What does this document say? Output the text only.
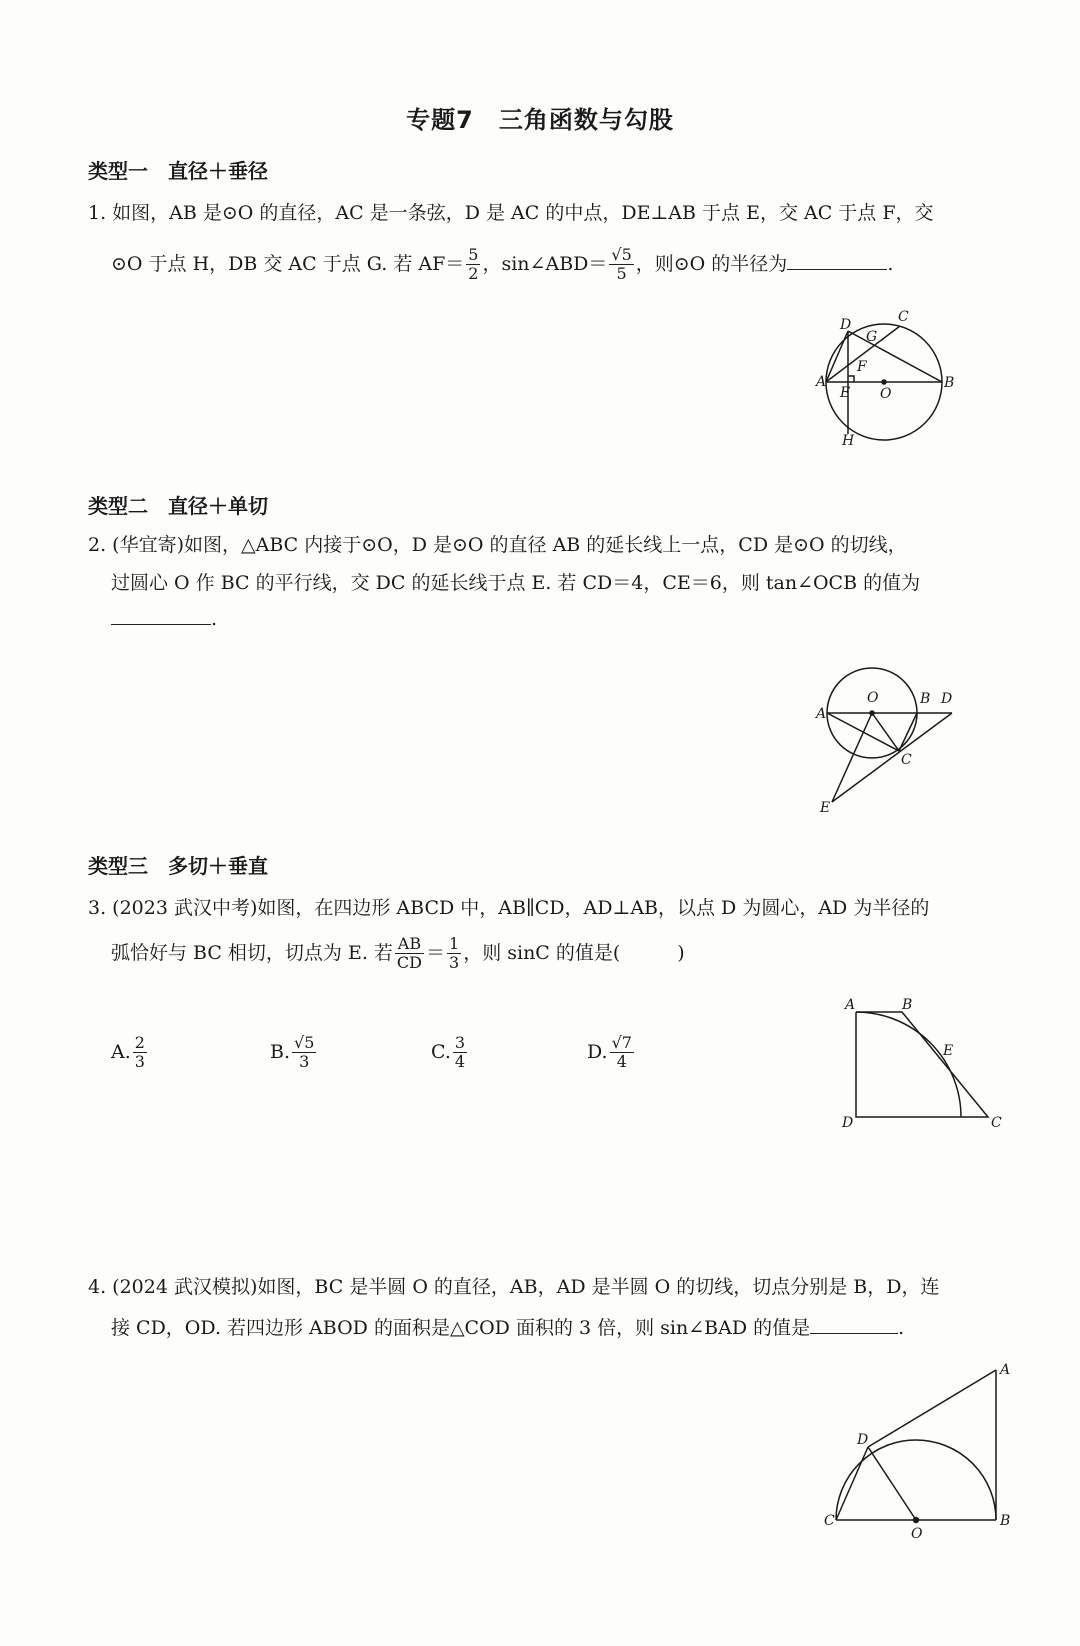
专题7　三角函数与勾股
类型一　直径＋垂径
1. 如图，AB 是⊙O 的直径，AC 是一条弦，D 是 AC 的中点，DE⊥AB 于点 E，交 AC 于点 F，交
⊙O 于点 H，DB 交 AC 于点 G. 若 $AF= \frac{5}{2}$ ，sin∠ABD＝ $\frac{√5}{5}$ ，则⊙O 的半径为	.
D
G
C
F
A
E O
B
H
类型二　直径＋单切
2. (华宜寄)如图，△ABC 内接于⊙O，D 是⊙O 的直径 AB 的延长线上一点，CD 是⊙O 的切线，
过圆心 O 作 BC 的平行线，交 DC 的延长线于点 E. 若 CD＝4，CE＝6，则 tan∠OCB 的值为
.
A
O	B D
C
E
类型三　多切＋垂直
3. (2023 武汉中考)如图，在四边形 ABCD 中，AB∥CD，AD⊥AB，以点 D 为圆心，AD 为半径的
弧恰好与 BC 相切，切点为 E. 若 $\frac{AB}{CD} = \frac{1}{3}$ ，则 sinC 的值是(　　　)
A. $\frac{2}{3}$	B. $\frac{√5}{3}$	C. $\frac{3}{4}$	D. $\frac{√7}{4}$
A	B
E
D	C
4. (2024 武汉模拟)如图，BC 是半圆 O 的直径，AB，AD 是半圆 O 的切线，切点分别是 B，D，连
接 CD，OD. 若四边形 ABOD 的面积是△COD 面积的 3 倍，则 sin∠BAD 的值是	.
A
D
C
O
B
